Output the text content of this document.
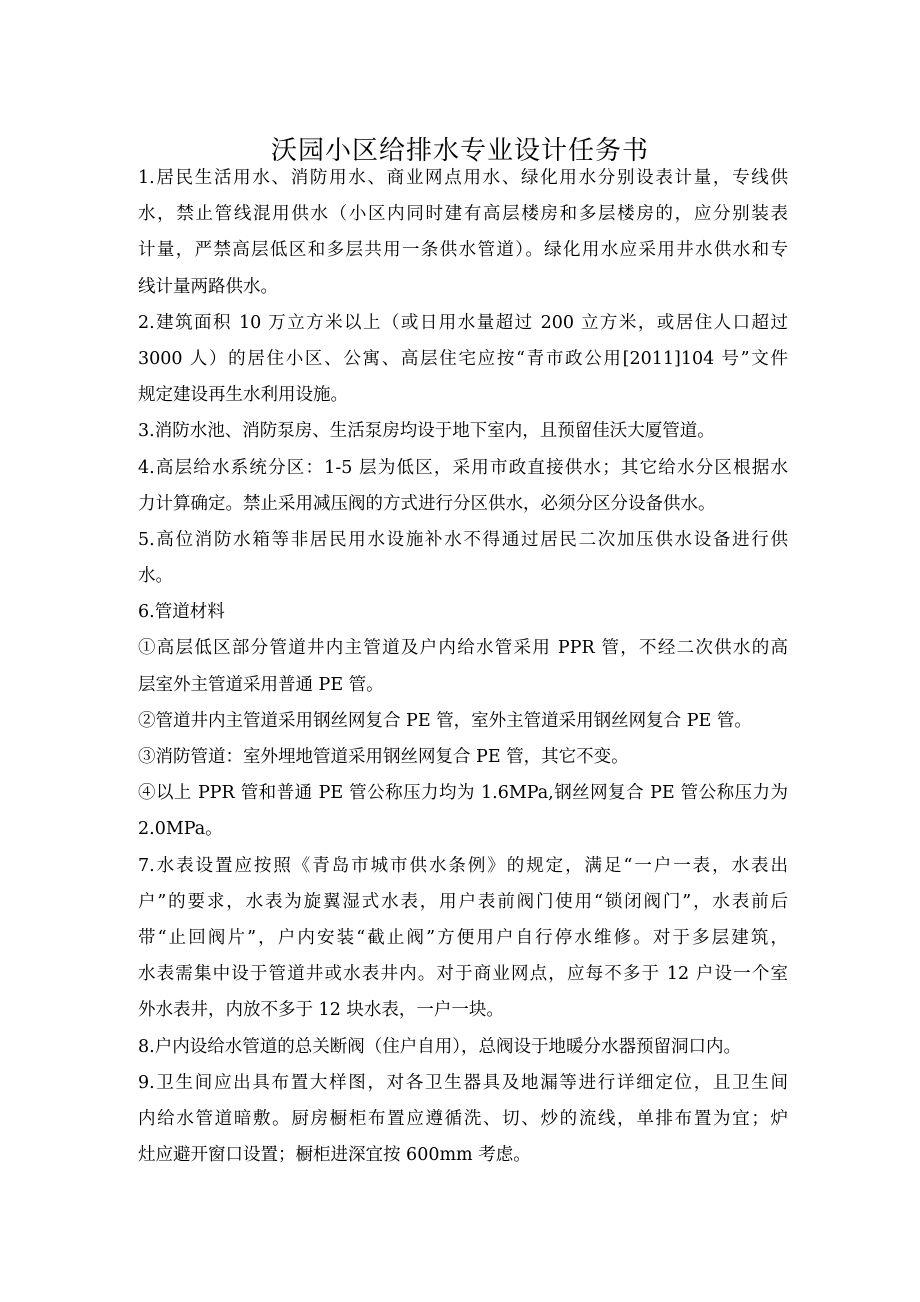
沃园小区给排水专业设计任务书
1.居民生活用水、消防用水、商业网点用水、绿化用水分别设表计量，专线供
水，禁止管线混用供水（小区内同时建有高层楼房和多层楼房的，应分别装表
计量，严禁高层低区和多层共用一条供水管道）。绿化用水应采用井水供水和专
线计量两路供水。
2.建筑面积 10 万立方米以上（或日用水量超过 200 立方米，或居住人口超过
3000 人）的居住小区、公寓、高层住宅应按“青市政公用[2011]104 号”文件
规定建设再生水利用设施。
3.消防水池、消防泵房、生活泵房均设于地下室内，且预留佳沃大厦管道。
4.高层给水系统分区：1-5 层为低区，采用市政直接供水；其它给水分区根据水
力计算确定。禁止采用减压阀的方式进行分区供水，必须分区分设备供水。
5.高位消防水箱等非居民用水设施补水不得通过居民二次加压供水设备进行供
水。
6.管道材料
①高层低区部分管道井内主管道及户内给水管采用 PPR 管，不经二次供水的高
层室外主管道采用普通 PE 管。
②管道井内主管道采用钢丝网复合 PE 管，室外主管道采用钢丝网复合 PE 管。
③消防管道：室外埋地管道采用钢丝网复合 PE 管，其它不变。
④以上 PPR 管和普通 PE 管公称压力均为 1.6MPa,钢丝网复合 PE 管公称压力为
2.0MPa。
7.水表设置应按照《青岛市城市供水条例》的规定，满足“一户一表，水表出
户”的要求，水表为旋翼湿式水表，用户表前阀门使用“锁闭阀门”，水表前后
带“止回阀片”，户内安装“截止阀”方便用户自行停水维修。对于多层建筑，
水表需集中设于管道井或水表井内。对于商业网点，应每不多于 12 户设一个室
外水表井，内放不多于 12 块水表，一户一块。
8.户内设给水管道的总关断阀（住户自用），总阀设于地暖分水器预留洞口内。
9.卫生间应出具布置大样图，对各卫生器具及地漏等进行详细定位，且卫生间
内给水管道暗敷。厨房橱柜布置应遵循洗、切、炒的流线，单排布置为宜；炉
灶应避开窗口设置；橱柜进深宜按 600mm 考虑。
